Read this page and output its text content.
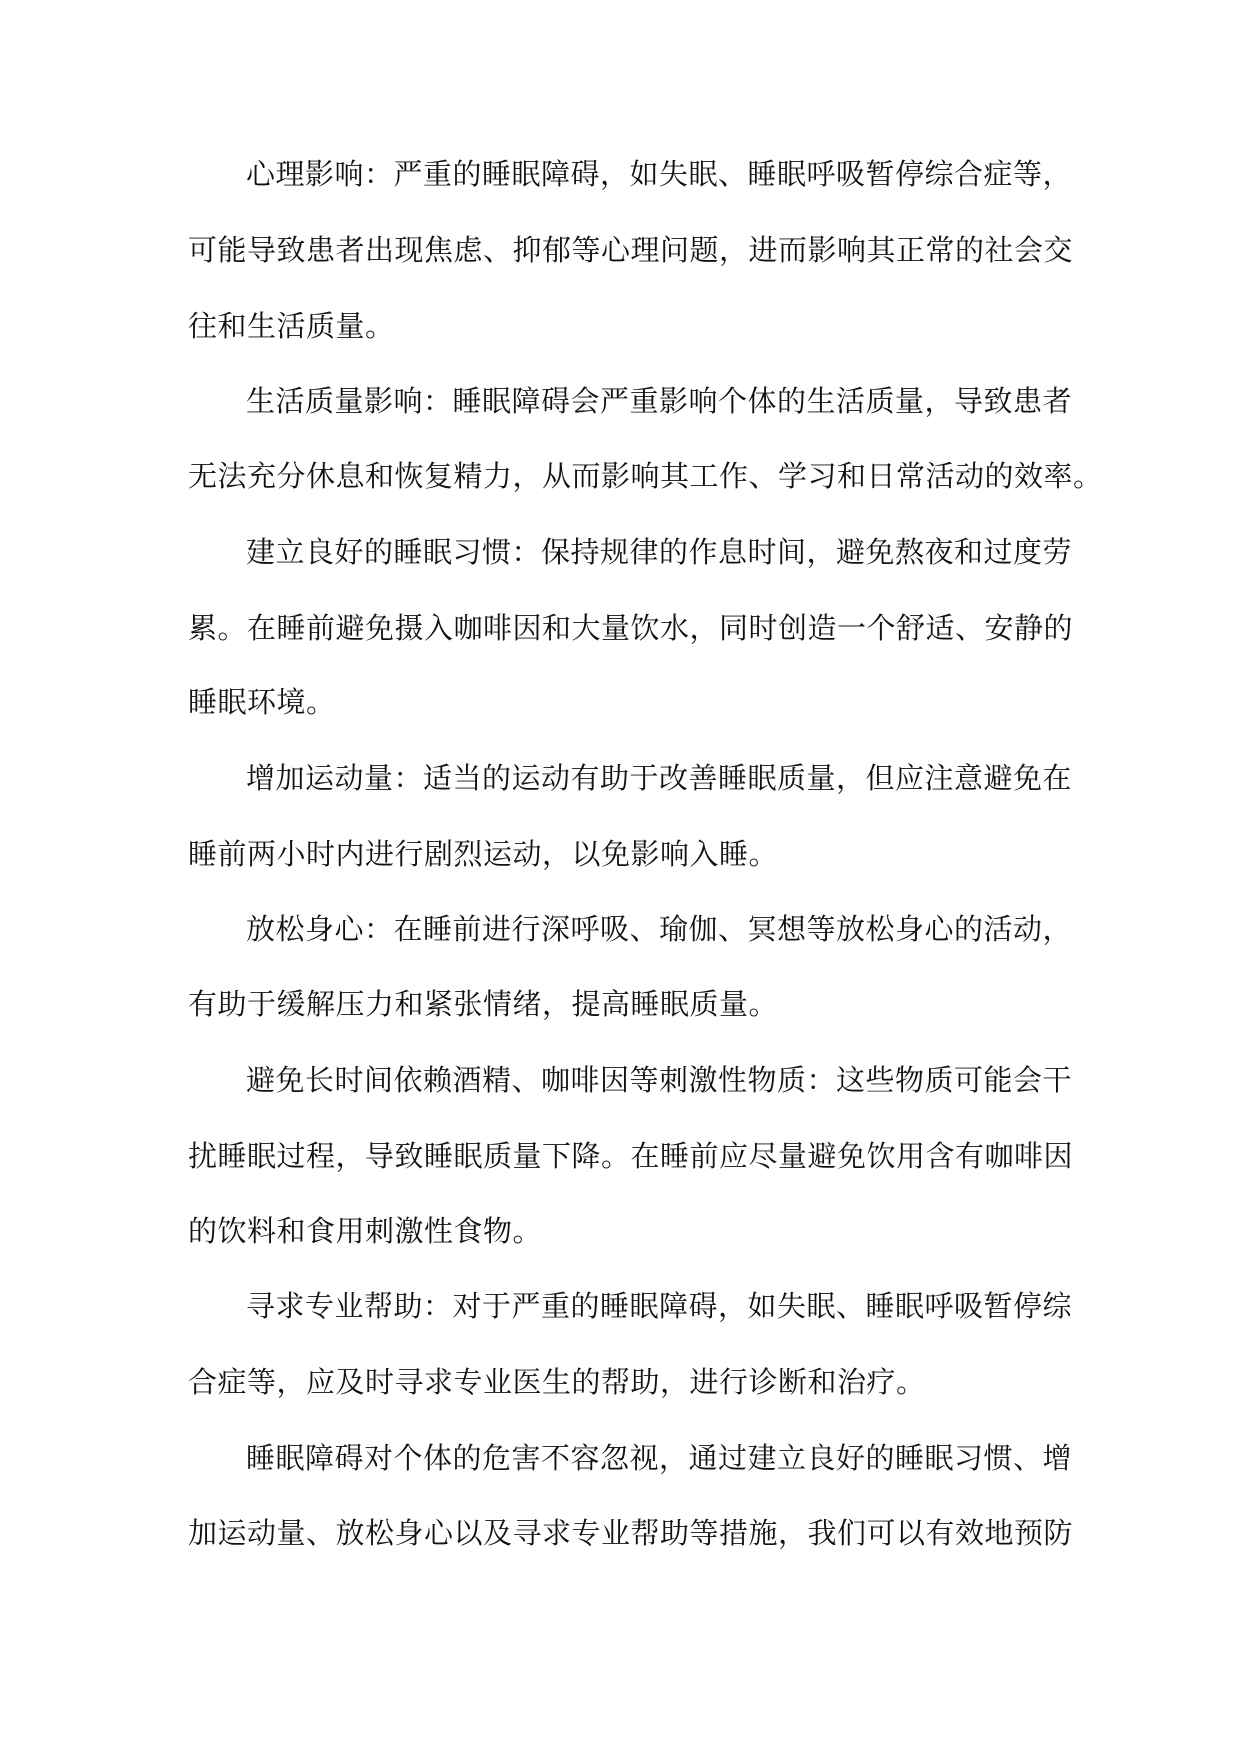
心理影响：严重的睡眠障碍，如失眠、睡眠呼吸暂停综合症等，
可能导致患者出现焦虑、抑郁等心理问题，进而影响其正常的社会交
往和生活质量。
生活质量影响：睡眠障碍会严重影响个体的生活质量，导致患者
无法充分休息和恢复精力，从而影响其工作、学习和日常活动的效率。
建立良好的睡眠习惯：保持规律的作息时间，避免熬夜和过度劳
累。在睡前避免摄入咖啡因和大量饮水，同时创造一个舒适、安静的
睡眠环境。
增加运动量：适当的运动有助于改善睡眠质量，但应注意避免在
睡前两小时内进行剧烈运动，以免影响入睡。
放松身心：在睡前进行深呼吸、瑜伽、冥想等放松身心的活动，
有助于缓解压力和紧张情绪，提高睡眠质量。
避免长时间依赖酒精、咖啡因等刺激性物质：这些物质可能会干
扰睡眠过程，导致睡眠质量下降。在睡前应尽量避免饮用含有咖啡因
的饮料和食用刺激性食物。
寻求专业帮助：对于严重的睡眠障碍，如失眠、睡眠呼吸暂停综
合症等，应及时寻求专业医生的帮助，进行诊断和治疗。
睡眠障碍对个体的危害不容忽视，通过建立良好的睡眠习惯、增
加运动量、放松身心以及寻求专业帮助等措施，我们可以有效地预防
